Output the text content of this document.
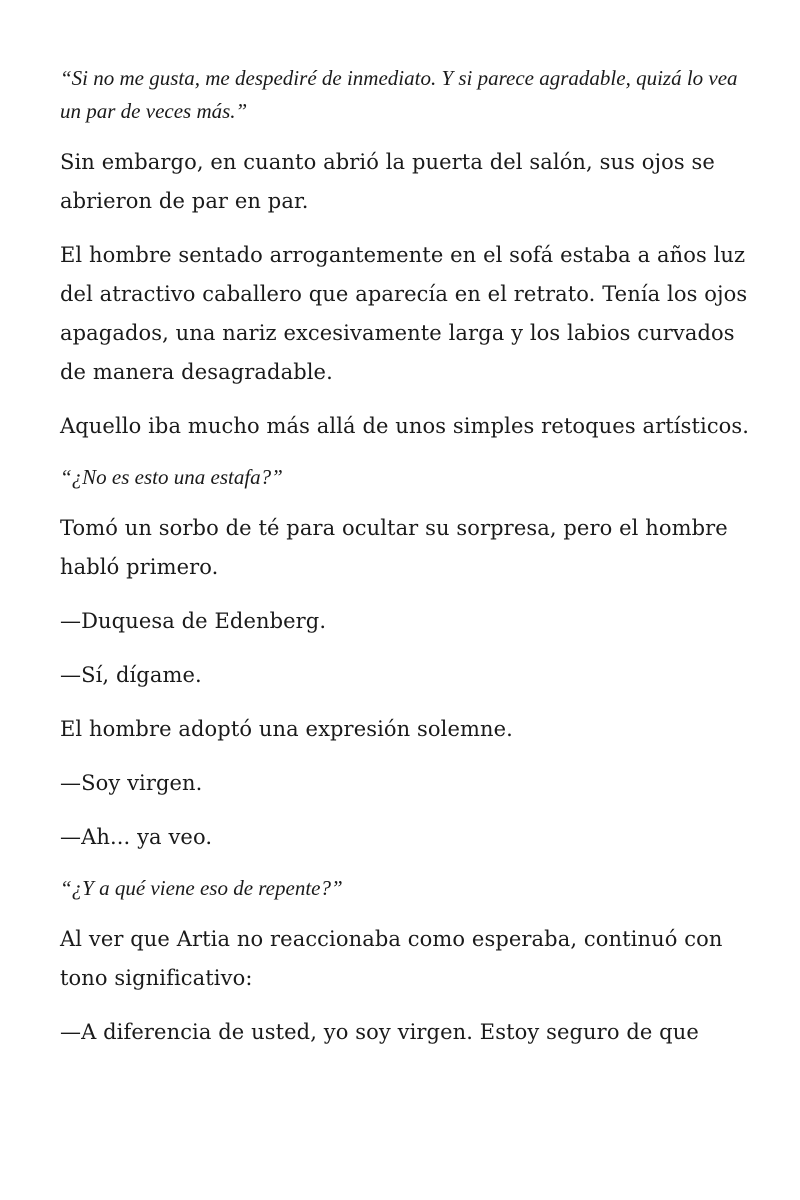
“Si no me gusta, me despediré de inmediato. Y si parece agradable, quizá lo vea un par de veces más.”

Sin embargo, en cuanto abrió la puerta del salón, sus ojos se abrieron de par en par.

El hombre sentado arrogantemente en el sofá estaba a años luz del atractivo caballero que aparecía en el retrato. Tenía los ojos apagados, una nariz excesivamente larga y los labios curvados de manera desagradable.

Aquello iba mucho más allá de unos simples retoques artísticos.

“¿No es esto una estafa?”

Tomó un sorbo de té para ocultar su sorpresa, pero el hombre habló primero.

—Duquesa de Edenberg.

—Sí, dígame.

El hombre adoptó una expresión solemne.

—Soy virgen.

—Ah... ya veo.

“¿Y a qué viene eso de repente?”

Al ver que Artia no reaccionaba como esperaba, continuó con tono significativo:

—A diferencia de usted, yo soy virgen. Estoy seguro de que
